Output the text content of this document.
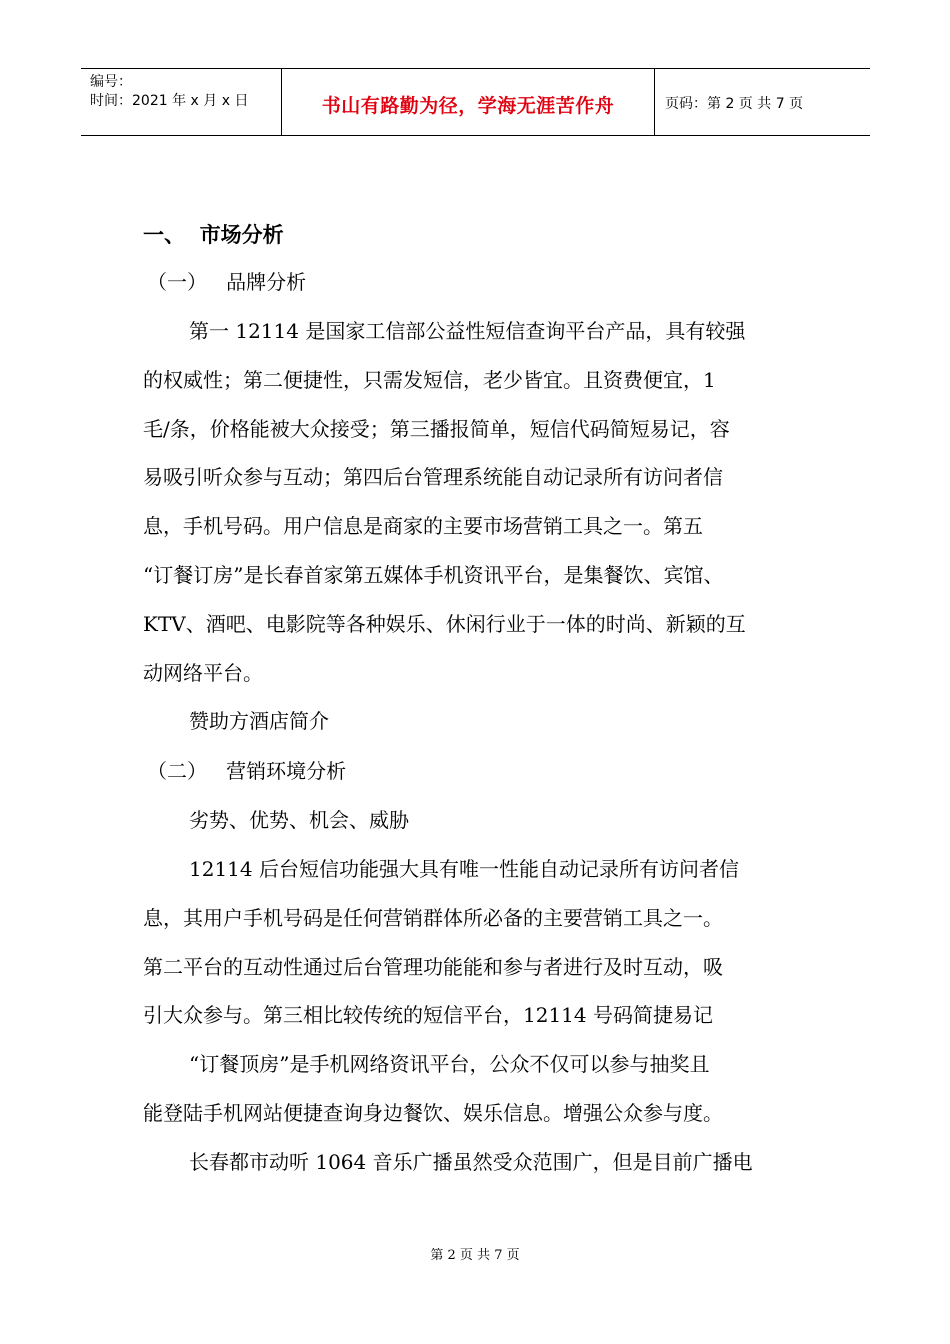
编号：
时间：2021 年 x 月 x 日	书山有路勤为径，学海无涯苦作舟	页码：第 2 页 共 7 页
一、  市场分析
（一）   品牌分析
第一 12114 是国家工信部公益性短信查询平台产品，具有较强
的权威性；第二便捷性，只需发短信，老少皆宜。且资费便宜，1
毛/条，价格能被大众接受；第三播报简单，短信代码简短易记，容
易吸引听众参与互动；第四后台管理系统能自动记录所有访问者信
息，手机号码。用户信息是商家的主要市场营销工具之一。第五
“订餐订房”是长春首家第五媒体手机资讯平台，是集餐饮、宾馆、
KTV、酒吧、电影院等各种娱乐、休闲行业于一体的时尚、新颖的互
动网络平台。
赞助方酒店简介
（二）   营销环境分析
劣势、优势、机会、威胁
12114 后台短信功能强大具有唯一性能自动记录所有访问者信
息，其用户手机号码是任何营销群体所必备的主要营销工具之一。
第二平台的互动性通过后台管理功能能和参与者进行及时互动，吸
引大众参与。第三相比较传统的短信平台，12114 号码简捷易记
“订餐顶房”是手机网络资讯平台，公众不仅可以参与抽奖且
能登陆手机网站便捷查询身边餐饮、娱乐信息。增强公众参与度。
长春都市动听 1064 音乐广播虽然受众范围广，但是目前广播电
第 2 页 共 7 页
